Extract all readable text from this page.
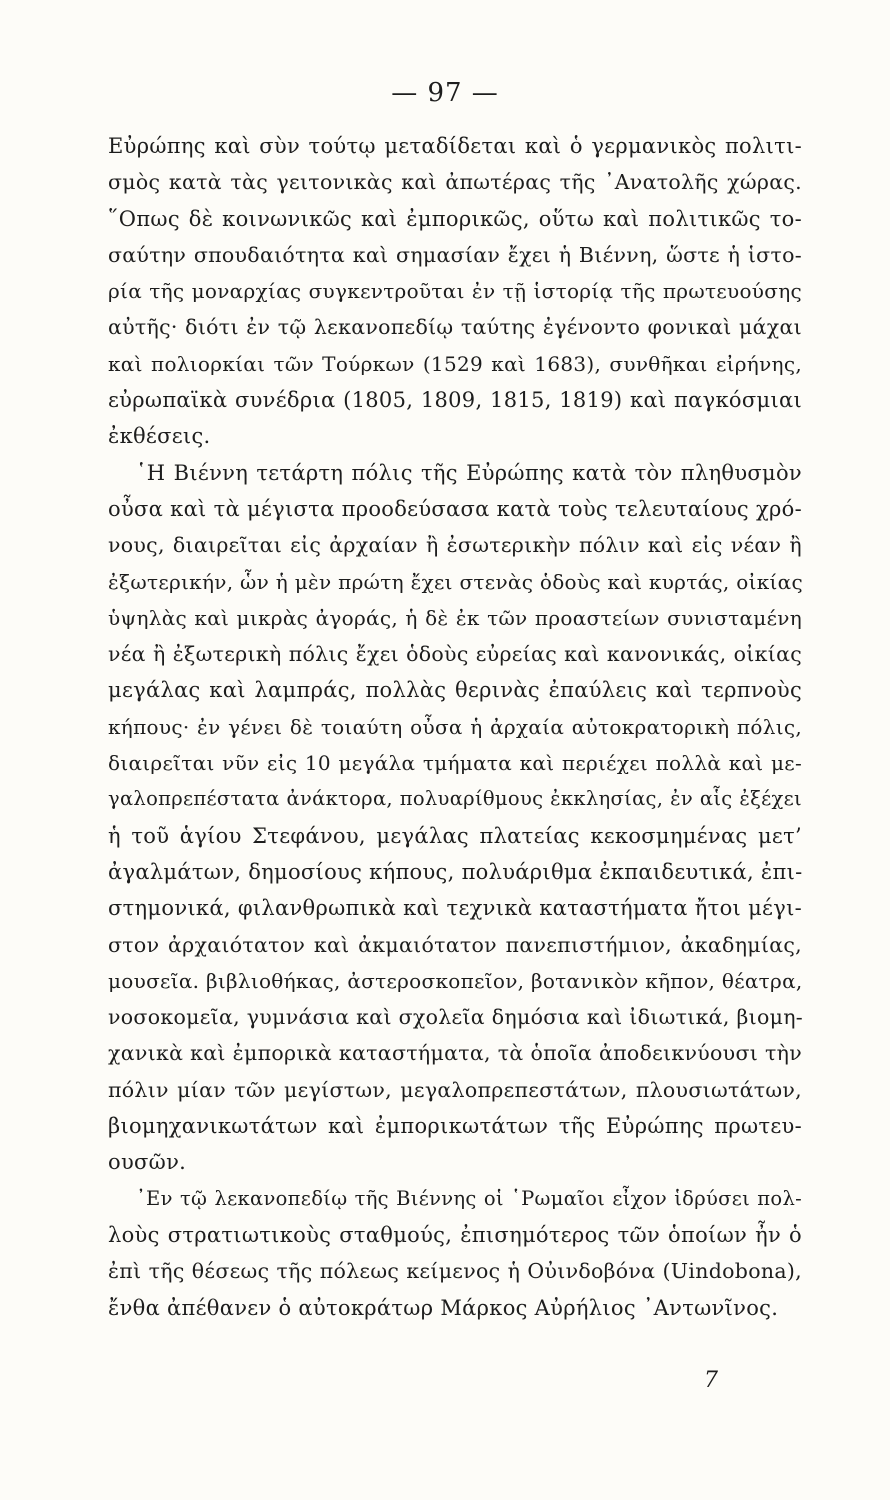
— 97 —
Εὐρώπης καὶ σὺν τούτῳ μεταδίδεται καὶ ὁ γερμανικὸς πολιτι-
σμὸς κατὰ τὰς γειτονικὰς καὶ ἀπωτέρας τῆς ᾿Ανατολῆς χώρας.
῞Οπως δὲ κοινωνικῶς καὶ ἐμπορικῶς, οὕτω καὶ πολιτικῶς το-
σαύτην σπουδαιότητα καὶ σημασίαν ἔχει ἡ Βιέννη, ὥστε ἡ ἱστο-
ρία τῆς μοναρχίας συγκεντροῦται ἐν τῇ ἱστορίᾳ τῆς πρωτευούσης
αὐτῆς· διότι ἐν τῷ λεκανοπεδίῳ ταύτης ἐγένοντο φονικαὶ μάχαι
καὶ πολιορκίαι τῶν Τούρκων (1529 καὶ 1683), συνθῆκαι εἰρήνης,
εὐρωπαϊκὰ συνέδρια (1805, 1809, 1815, 1819) καὶ παγκόσμιαι
ἐκθέσεις.
῾Η Βιέννη τετάρτη πόλις τῆς Εὐρώπης κατὰ τὸν πληθυσμὸν
οὖσα καὶ τὰ μέγιστα προοδεύσασα κατὰ τοὺς τελευταίους χρό-
νους, διαιρεῖται εἰς ἀρχαίαν ἢ ἐσωτερικὴν πόλιν καὶ εἰς νέαν ἢ
ἐξωτερικήν, ὧν ἡ μὲν πρώτη ἔχει στενὰς ὁδοὺς καὶ κυρτάς, οἰκίας
ὑψηλὰς καὶ μικρὰς ἀγοράς, ἡ δὲ ἐκ τῶν προαστείων συνισταμένη
νέα ἢ ἐξωτερικὴ πόλις ἔχει ὁδοὺς εὐρείας καὶ κανονικάς, οἰκίας
μεγάλας καὶ λαμπράς, πολλὰς θερινὰς ἐπαύλεις καὶ τερπνοὺς
κήπους· ἐν γένει δὲ τοιαύτη οὖσα ἡ ἀρχαία αὐτοκρατορικὴ πόλις,
διαιρεῖται νῦν εἰς 10 μεγάλα τμήματα καὶ περιέχει πολλὰ καὶ με-
γαλοπρεπέστατα ἀνάκτορα, πολυαρίθμους ἐκκλησίας, ἐν αἷς ἐξέχει
ἡ τοῦ ἁγίου Στεφάνου, μεγάλας πλατείας κεκοσμημένας μετ’
ἀγαλμάτων, δημοσίους κήπους, πολυάριθμα ἐκπαιδευτικά, ἐπι-
στημονικά, φιλανθρωπικὰ καὶ τεχνικὰ καταστήματα ἤτοι μέγι-
στον ἀρχαιότατον καὶ ἀκμαιότατον πανεπιστήμιον, ἀκαδημίας,
μουσεῖα. βιβλιοθήκας, ἀστεροσκοπεῖον, βοτανικὸν κῆπον, θέατρα,
νοσοκομεῖα, γυμνάσια καὶ σχολεῖα δημόσια καὶ ἰδιωτικά, βιομη-
χανικὰ καὶ ἐμπορικὰ καταστήματα, τὰ ὁποῖα ἀποδεικνύουσι τὴν
πόλιν μίαν τῶν μεγίστων, μεγαλοπρεπεστάτων, πλουσιωτάτων,
βιομηχανικωτάτων καὶ ἐμπορικωτάτων τῆς Εὐρώπης πρωτευ-
ουσῶν.
᾿Εν τῷ λεκανοπεδίῳ τῆς Βιέννης οἱ ῾Ρωμαῖοι εἶχον ἱδρύσει πολ-
λοὺς στρατιωτικοὺς σταθμούς, ἐπισημότερος τῶν ὁποίων ἦν ὁ
ἐπὶ τῆς θέσεως τῆς πόλεως κείμενος ἡ Οὐινδοβόνα (Uindobona),
ἔνθα ἀπέθανεν ὁ αὐτοκράτωρ Μάρκος Αὐρήλιος ᾿Αντωνῖνος.
7
